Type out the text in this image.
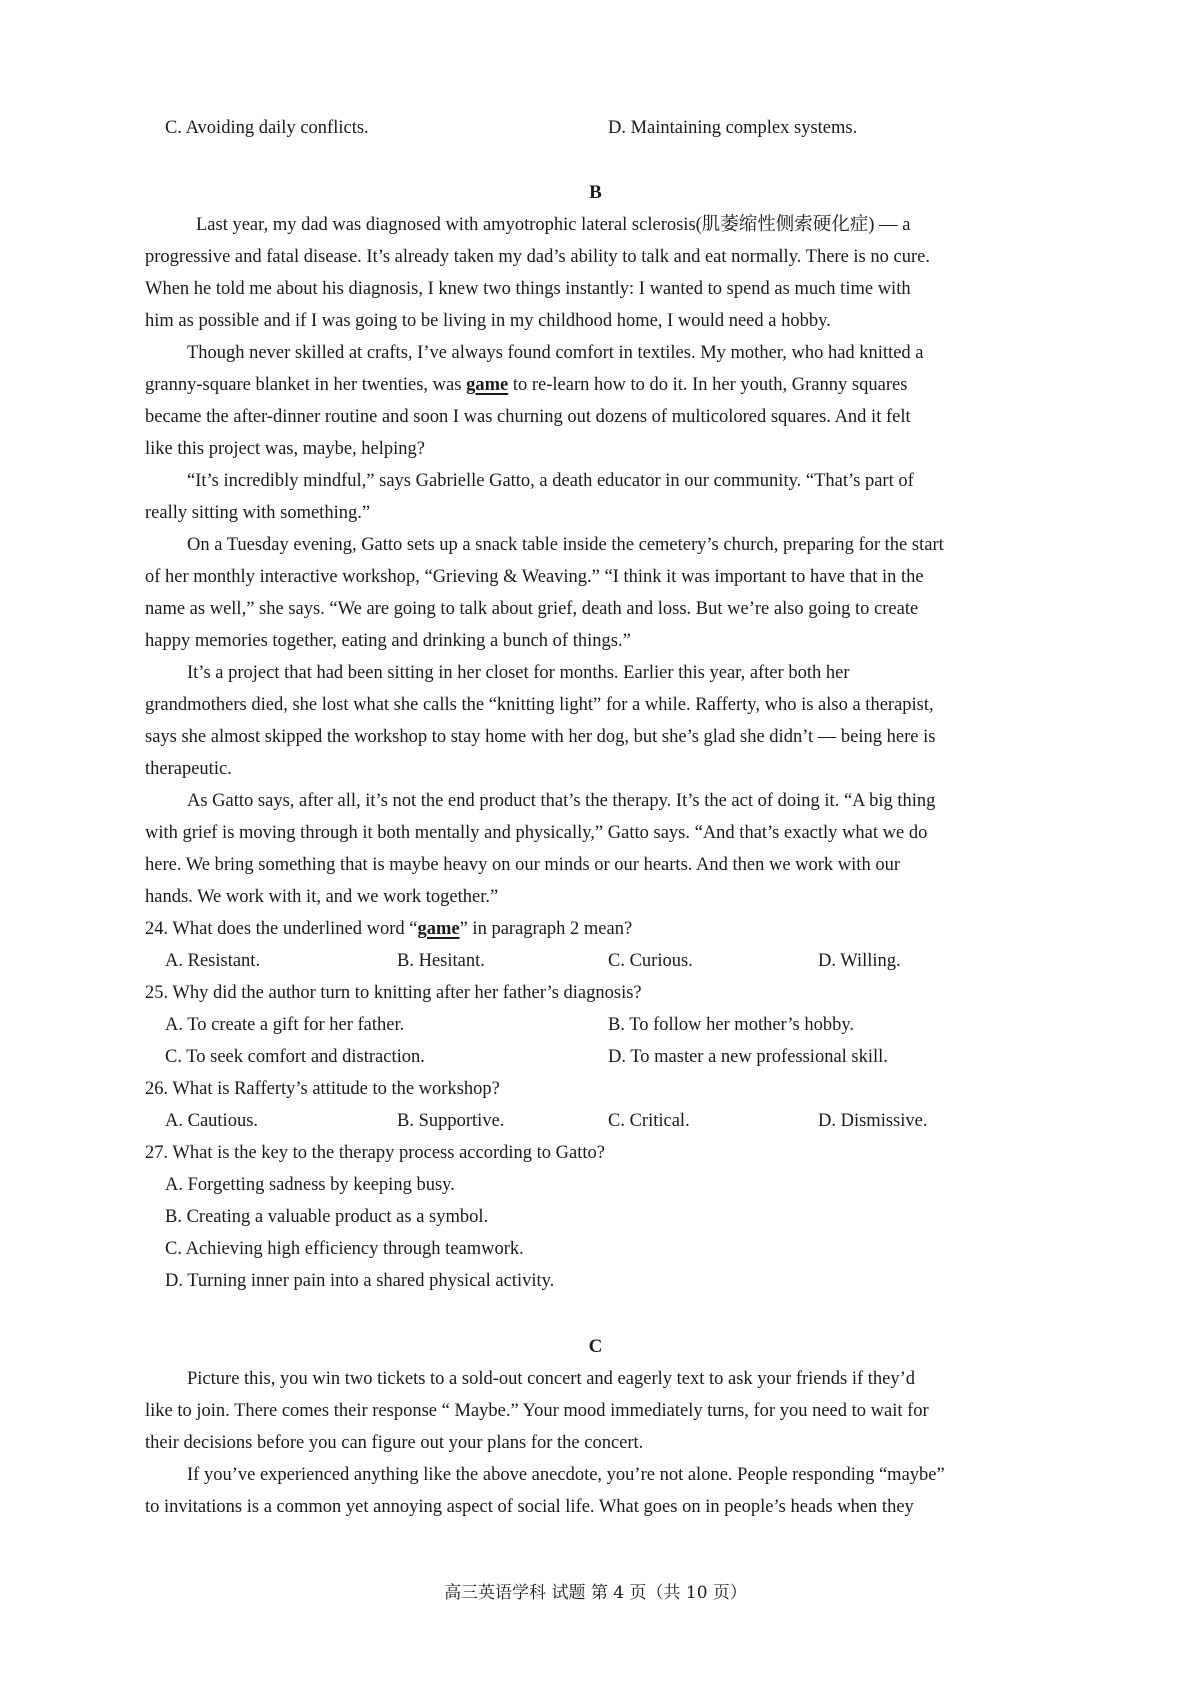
C. Avoiding daily conflicts.	D. Maintaining complex systems.
B
Last year, my dad was diagnosed with amyotrophic lateral sclerosis(肌萎缩性侧索硬化症) — a
progressive and fatal disease. It’s already taken my dad’s ability to talk and eat normally. There is no cure.
When he told me about his diagnosis, I knew two things instantly: I wanted to spend as much time with
him as possible and if I was going to be living in my childhood home, I would need a hobby.
Though never skilled at crafts, I’ve always found comfort in textiles. My mother, who had knitted a
granny-square blanket in her twenties, was game to re-learn how to do it. In her youth, Granny squares
became the after-dinner routine and soon I was churning out dozens of multicolored squares. And it felt
like this project was, maybe, helping?
“It’s incredibly mindful,” says Gabrielle Gatto, a death educator in our community. “That’s part of
really sitting with something.”
On a Tuesday evening, Gatto sets up a snack table inside the cemetery’s church, preparing for the start
of her monthly interactive workshop, “Grieving & Weaving.” “I think it was important to have that in the
name as well,” she says. “We are going to talk about grief, death and loss. But we’re also going to create
happy memories together, eating and drinking a bunch of things.”
It’s a project that had been sitting in her closet for months. Earlier this year, after both her
grandmothers died, she lost what she calls the “knitting light” for a while. Rafferty, who is also a therapist,
says she almost skipped the workshop to stay home with her dog, but she’s glad she didn’t — being here is
therapeutic.
As Gatto says, after all, it’s not the end product that’s the therapy. It’s the act of doing it. “A big thing
with grief is moving through it both mentally and physically,” Gatto says. “And that’s exactly what we do
here. We bring something that is maybe heavy on our minds or our hearts. And then we work with our
hands. We work with it, and we work together.”
24. What does the underlined word “game” in paragraph 2 mean?
A. Resistant.	B. Hesitant.	C. Curious.	D. Willing.
25. Why did the author turn to knitting after her father’s diagnosis?
A. To create a gift for her father.	B. To follow her mother’s hobby.
C. To seek comfort and distraction.	D. To master a new professional skill.
26. What is Rafferty’s attitude to the workshop?
A. Cautious.	B. Supportive.	C. Critical.	D. Dismissive.
27. What is the key to the therapy process according to Gatto?
A. Forgetting sadness by keeping busy.
B. Creating a valuable product as a symbol.
C. Achieving high efficiency through teamwork.
D. Turning inner pain into a shared physical activity.
C
Picture this, you win two tickets to a sold-out concert and eagerly text to ask your friends if they’d
like to join. There comes their response “ Maybe.” Your mood immediately turns, for you need to wait for
their decisions before you can figure out your plans for the concert.
If you’ve experienced anything like the above anecdote, you’re not alone. People responding “maybe”
to invitations is a common yet annoying aspect of social life. What goes on in people’s heads when they
高三英语学科 试题 第 4 页（共 10 页）
